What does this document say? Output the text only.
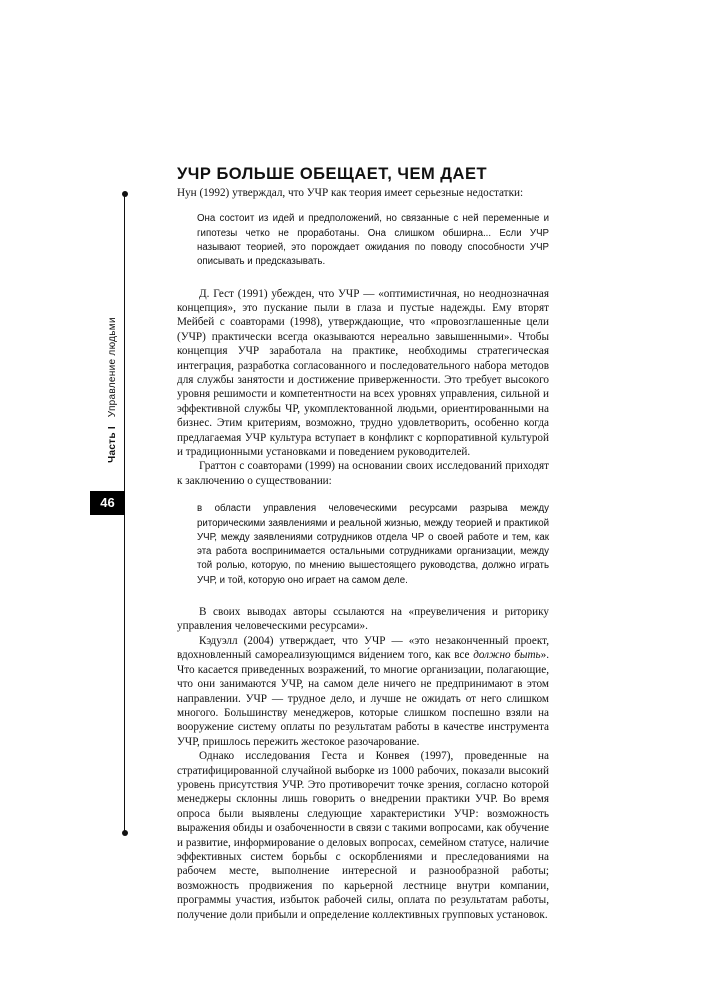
Часть I Управление людьми
46
УЧР БОЛЬШЕ ОБЕЩАЕТ, ЧЕМ ДАЕТ

Нун (1992) утверждал, что УЧР как теория имеет серьезные недостатки:

Она состоит из идей и предположений, но связанные с ней переменные и гипотезы четко не проработаны. Она слишком обширна... Если УЧР называют теорией, это порождает ожидания по поводу способности УЧР описывать и предсказывать.

Д. Гест (1991) убежден, что УЧР — «оптимистичная, но неоднозначная концепция», это пускание пыли в глаза и пустые надежды. Ему вторят Мейбей с соавторами (1998), утверждающие, что «провозглашенные цели (УЧР) практически всегда оказываются нереально завышенными». Чтобы концепция УЧР заработала на практике, необходимы стратегическая интеграция, разработка согласованного и последовательного набора методов для службы занятости и достижение приверженности. Это требует высокого уровня решимости и компетентности на всех уровнях управления, сильной и эффективной службы ЧР, укомплектованной людьми, ориентированными на бизнес. Этим критериям, возможно, трудно удовлетворить, особенно когда предлагаемая УЧР культура вступает в конфликт с корпоративной культурой и традиционными установками и поведением руководителей.

Граттон с соавторами (1999) на основании своих исследований приходят к заключению о существовании:

в области управления человеческими ресурсами разрыва между риторическими заявлениями и реальной жизнью, между теорией и практикой УЧР, между заявлениями сотрудников отдела ЧР о своей работе и тем, как эта работа воспринимается остальными сотрудниками организации, между той ролью, которую, по мнению вышестоящего руководства, должно играть УЧР, и той, которую оно играет на самом деле.

В своих выводах авторы ссылаются на «преувеличения и риторику управления человеческими ресурсами».

Кэдуэлл (2004) утверждает, что УЧР — «это незаконченный проект, вдохновленный самореализующимся ви́дением того, как все должно быть». Что касается приведенных возражений, то многие организации, полагающие, что они занимаются УЧР, на самом деле ничего не предпринимают в этом направлении. УЧР — трудное дело, и лучше не ожидать от него слишком многого. Большинству менеджеров, которые слишком поспешно взяли на вооружение систему оплаты по результатам работы в качестве инструмента УЧР, пришлось пережить жестокое разочарование.

Однако исследования Геста и Конвея (1997), проведенные на стратифицированной случайной выборке из 1000 рабочих, показали высокий уровень присутствия УЧР. Это противоречит точке зрения, согласно которой менеджеры склонны лишь говорить о внедрении практики УЧР. Во время опроса были выявлены следующие характеристики УЧР: возможность выражения обиды и озабоченности в связи с такими вопросами, как обучение и развитие, информирование о деловых вопросах, семейном статусе, наличие эффективных систем борьбы с оскорблениями и преследованиями на рабочем месте, выполнение интересной и разнообразной работы; возможность продвижения по карьерной лестнице внутри компании, программы участия, избыток рабочей силы, оплата по результатам работы, получение доли прибыли и определение коллективных групповых установок.
